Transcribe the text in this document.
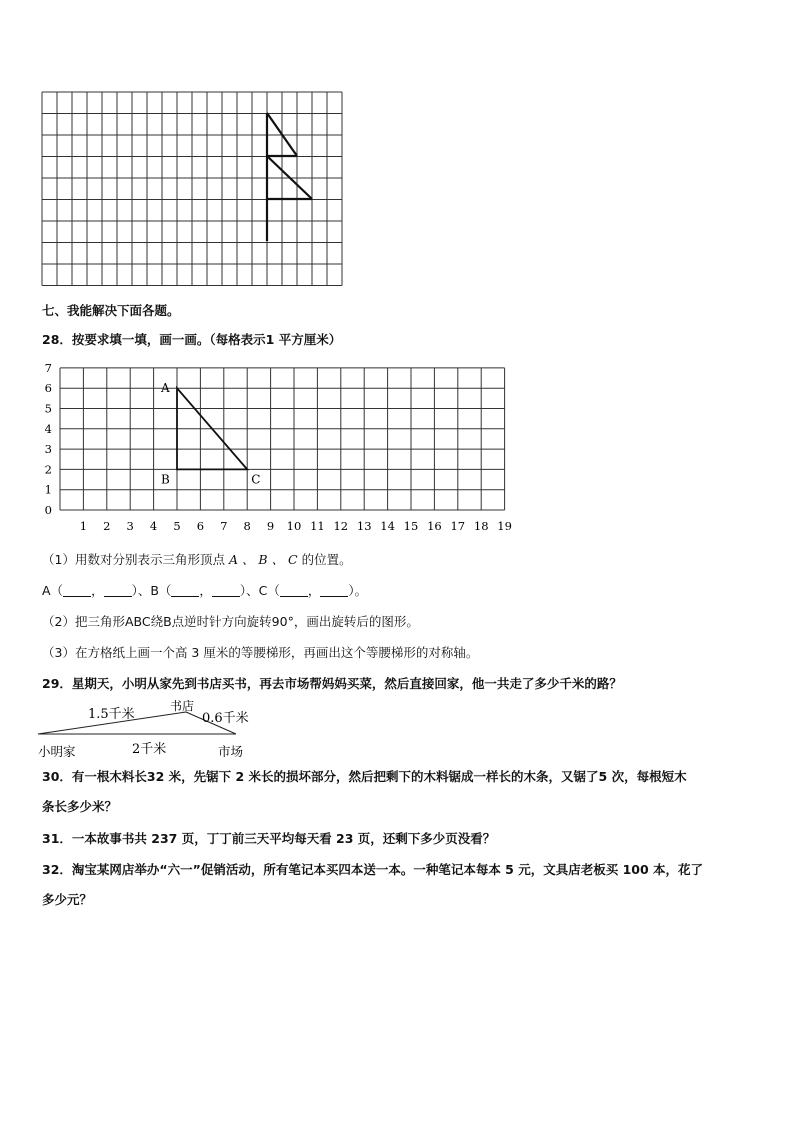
七、我能解决下面各题。
28．按要求填一填，画一画。（每格表示1 平方厘米）
1 2 3 4 5 6 7 8 9 10 11 12 13 14 15 16 17 18 19
0
1
2
3
4
5
6
7
A
B	C
（1）用数对分别表示三角形顶点 A 、 B 、 C 的位置。
A（ ， ）、B（ ， ）、C（ ， ）。
（2）把三角形ABC绕B点逆时针方向旋转90°，画出旋转后的图形。
（3）在方格纸上画一个高 3 厘米的等腰梯形，再画出这个等腰梯形的对称轴。
29．星期天，小明从家先到书店买书，再去市场帮妈妈买菜，然后直接回家，他一共走了多少千米的路？
1.5千米
书店
0.6千米
2千米
小明家	市场
30．有一根木料长32 米，先锯下 2 米长的损坏部分，然后把剩下的木料锯成一样长的木条，又锯了5 次，每根短木
条长多少米？
31．一本故事书共 237 页，丁丁前三天平均每天看 23 页，还剩下多少页没看？
32．淘宝某网店举办“六一”促销活动，所有笔记本买四本送一本。一种笔记本每本 5 元，文具店老板买 100 本，花了
多少元？
